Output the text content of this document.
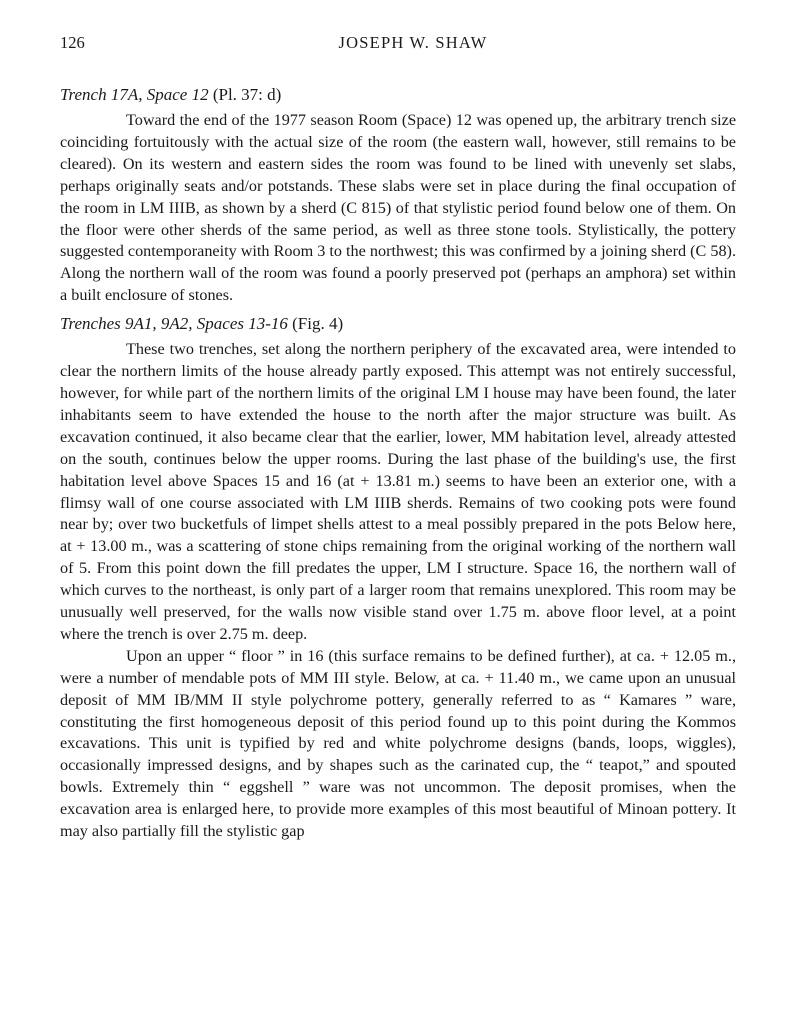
126	JOSEPH W. SHAW
Trench 17A, Space 12 (Pl. 37: d)

Toward the end of the 1977 season Room (Space) 12 was opened up, the arbitrary trench size coinciding fortuitously with the actual size of the room (the eastern wall, however, still remains to be cleared). On its western and eastern sides the room was found to be lined with unevenly set slabs, perhaps originally seats and/or potstands. These slabs were set in place during the final occupation of the room in LM IIIB, as shown by a sherd (C 815) of that stylistic period found below one of them. On the floor were other sherds of the same period, as well as three stone tools. Stylistically, the pottery suggested contemporaneity with Room 3 to the northwest; this was confirmed by a joining sherd (C 58). Along the northern wall of the room was found a poorly preserved pot (perhaps an amphora) set within a built enclosure of stones.

Trenches 9A1, 9A2, Spaces 13-16 (Fig. 4)

These two trenches, set along the northern periphery of the excavated area, were intended to clear the northern limits of the house already partly exposed. This attempt was not entirely successful, however, for while part of the northern limits of the original LM I house may have been found, the later inhabitants seem to have extended the house to the north after the major structure was built. As excavation continued, it also became clear that the earlier, lower, MM habitation level, already attested on the south, continues below the upper rooms. During the last phase of the building's use, the first habitation level above Spaces 15 and 16 (at + 13.81 m.) seems to have been an exterior one, with a flimsy wall of one course associated with LM IIIB sherds. Remains of two cooking pots were found near by; over two bucketfuls of limpet shells attest to a meal possibly prepared in the pots Below here, at + 13.00 m., was a scattering of stone chips remaining from the original working of the northern wall of 5. From this point down the fill predates the upper, LM I structure. Space 16, the northern wall of which curves to the northeast, is only part of a larger room that remains unexplored. This room may be unusually well preserved, for the walls now visible stand over 1.75 m. above floor level, at a point where the trench is over 2.75 m. deep.

Upon an upper “ floor ” in 16 (this surface remains to be defined further), at ca. + 12.05 m., were a number of mendable pots of MM III style. Below, at ca. + 11.40 m., we came upon an unusual deposit of MM IB/MM II style polychrome pottery, generally referred to as “ Kamares ” ware, constituting the first homogeneous deposit of this period found up to this point during the Kommos excavations. This unit is typified by red and white polychrome designs (bands, loops, wiggles), occasionally impressed designs, and by shapes such as the carinated cup, the “ teapot,” and spouted bowls. Extremely thin “ eggshell ” ware was not uncommon. The deposit promises, when the excavation area is enlarged here, to provide more examples of this most beautiful of Minoan pottery. It may also partially fill the stylistic gap
